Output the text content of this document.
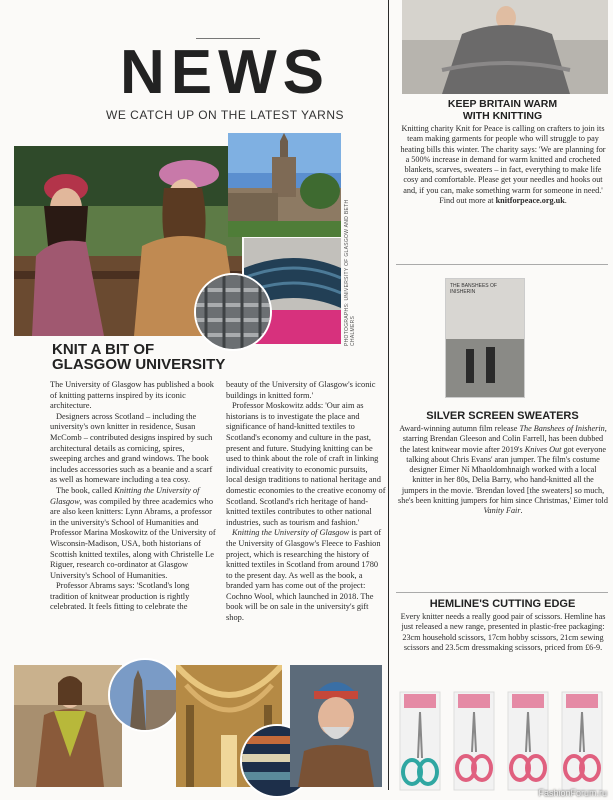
NEWS
WE CATCH UP ON THE LATEST YARNS
PHOTOGRAPHS: UNIVERSITY OF GLASGOW AND BETH CHALMERS
KNIT A BIT OF
GLASGOW UNIVERSITY

The University of Glasgow has published a book of knitting patterns inspired by its iconic architecture.

Designers across Scotland – including the university's own knitter in residence, Susan McComb – contributed designs inspired by such architectural details as cornicing, spires, sweeping arches and grand windows. The book includes accessories such as a beanie and a scarf as well as homeware including a tea cosy.

The book, called Knitting the University of Glasgow, was compiled by three academics who are also keen knitters: Lynn Abrams, a professor in the university's School of Humanities and Professor Marina Moskowitz of the University of Wisconsin-Madison, USA, both historians of Scottish knitted textiles, along with Christelle Le Riguer, research co-ordinator at Glasgow University's School of Humanities.

Professor Abrams says: 'Scotland's long tradition of knitwear production is rightly celebrated. It feels fitting to celebrate the

beauty of the University of Glasgow's iconic buildings in knitted form.'

Professor Moskowitz adds: 'Our aim as historians is to investigate the place and significance of hand-knitted textiles to Scotland's economy and culture in the past, present and future. Studying knitting can be used to think about the role of craft in linking individual creativity to economic pursuits, local design traditions to national heritage and domestic economies to the creative economy of Scotland. Scotland's rich heritage of hand-knitted textiles contributes to other national industries, such as tourism and fashion.'

Knitting the University of Glasgow is part of the University of Glasgow's Fleece to Fashion project, which is researching the history of knitted textiles in Scotland from around 1780 to the present day. As well as the book, a branded yarn has come out of the project: Cochno Wool, which launched in 2018. The book will be on sale in the university's gift shop.

KEEP BRITAIN WARM
WITH KNITTING

Knitting charity Knit for Peace is calling on crafters to join its team making garments for people who will struggle to pay heating bills this winter. The charity says: 'We are planning for a 500% increase in demand for warm knitted and crocheted blankets, scarves, sweaters – in fact, everything to make life cosy and comfortable. Please get your needles and hooks out and, if you can, make something warm for someone in need.'

Find out more at knitforpeace.org.uk.

THE BANSHEES OF INISHERIN
SILVER SCREEN SWEATERS

Award-winning autumn film release The Banshees of Inisherin, starring Brendan Gleeson and Colin Farrell, has been dubbed the latest knitwear movie after 2019's Knives Out got everyone talking about Chris Evans' aran jumper. The film's costume designer Eimer Ní Mhaoldomhnaigh worked with a local knitter in her 80s, Delia Barry, who hand-knitted all the jumpers in the movie. 'Brendan loved [the sweaters] so much, she's been knitting jumpers for him since Christmas,' Eimer told Vanity Fair.

HEMLINE'S CUTTING EDGE

Every knitter needs a really good pair of scissors. Hemline has just released a new range, presented in plastic-free packaging: 23cm household scissors, 17cm hobby scissors, 21cm sewing scissors and 23.5cm dressmaking scissors, priced from £6-9.

FashionForum.ru
